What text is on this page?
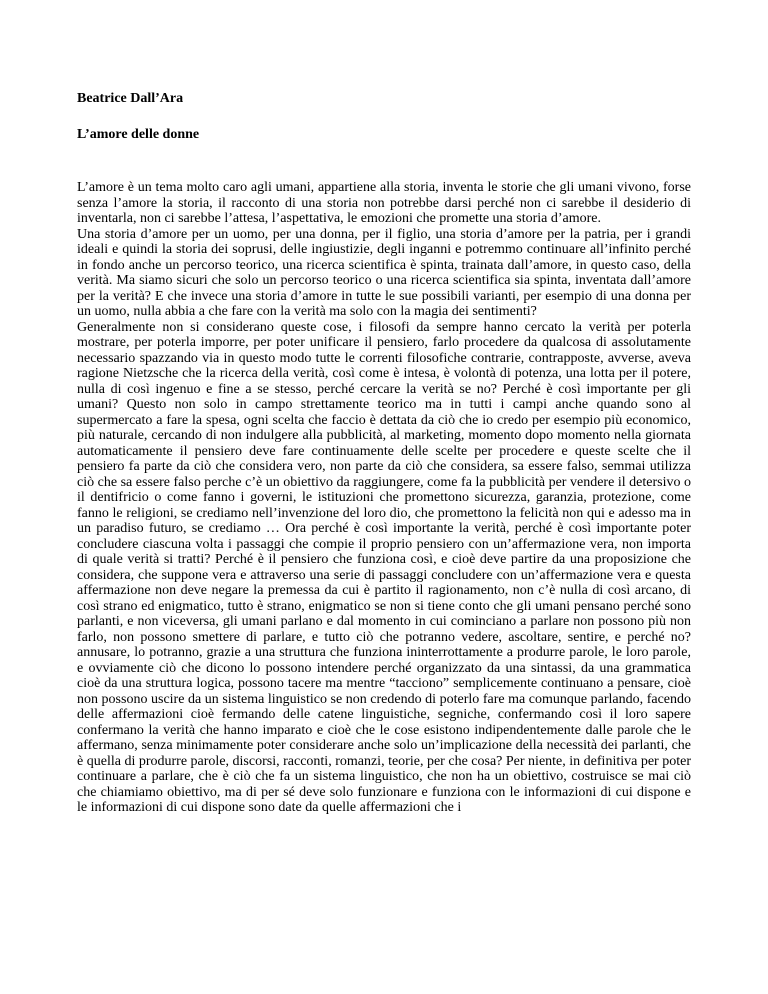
Beatrice Dall’Ara

L’amore delle donne

L’amore è un tema molto caro agli umani, appartiene alla storia, inventa le storie che gli umani vivono, forse senza l’amore la storia, il racconto di una storia non potrebbe darsi perché non ci sarebbe il desiderio di inventarla, non ci sarebbe l’attesa, l’aspettativa, le emozioni che promette una storia d’amore.

Una storia d’amore per un uomo, per una donna, per il figlio, una storia d’amore per la patria, per i grandi ideali e quindi la storia dei soprusi, delle ingiustizie, degli inganni e potremmo continuare all’infinito perché in fondo anche un percorso teorico, una ricerca scientifica è spinta, trainata dall’amore, in questo caso, della verità. Ma siamo sicuri che solo un percorso teorico o una ricerca scientifica sia spinta, inventata dall’amore per la verità? E che invece una storia d’amore in tutte le sue possibili varianti, per esempio di una donna per un uomo, nulla abbia a che fare con la verità ma solo con la magia dei sentimenti?

Generalmente non si considerano queste cose, i filosofi da sempre hanno cercato la verità per poterla mostrare, per poterla imporre, per poter unificare il pensiero, farlo procedere da qualcosa di assolutamente necessario spazzando via in questo modo tutte le correnti filosofiche contrarie, contrapposte, avverse, aveva ragione Nietzsche che la ricerca della verità, così come è intesa, è volontà di potenza, una lotta per il potere, nulla di così ingenuo e fine a se stesso, perché cercare la verità se no? Perché è così importante per gli umani? Questo non solo in campo strettamente teorico ma in tutti i campi anche quando sono al supermercato a fare la spesa, ogni scelta che faccio è dettata da ciò che io credo per esempio più economico, più naturale, cercando di non indulgere alla pubblicità, al marketing, momento dopo momento nella giornata automaticamente il pensiero deve fare continuamente delle scelte per procedere e queste scelte che il pensiero fa parte da ciò che considera vero, non parte da ciò che considera, sa essere falso, semmai utilizza ciò che sa essere falso perche c’è un obiettivo da raggiungere, come fa la pubblicità per vendere il detersivo o il dentifricio o come fanno i governi, le istituzioni che promettono sicurezza, garanzia, protezione, come fanno le religioni, se crediamo nell’invenzione del loro dio, che promettono la felicità non qui e adesso ma in un paradiso futuro, se crediamo … Ora perché è così importante la verità, perché è così importante poter concludere ciascuna volta i passaggi che compie il proprio pensiero con un’affermazione vera, non importa di quale verità si tratti? Perché è il pensiero che funziona così, e cioè deve partire da una proposizione che considera, che suppone vera e attraverso una serie di passaggi concludere con un’affermazione vera e questa affermazione non deve negare la premessa da cui è partito il ragionamento, non c’è nulla di così arcano, di così strano ed enigmatico, tutto è strano, enigmatico se non si tiene conto che gli umani pensano perché sono parlanti, e non viceversa, gli umani parlano e dal momento in cui cominciano a parlare non possono più non farlo, non possono smettere di parlare, e tutto ciò che potranno vedere, ascoltare, sentire, e perché no? annusare, lo potranno, grazie a una struttura che funziona ininterrottamente a produrre parole, le loro parole, e ovviamente ciò che dicono lo possono intendere perché organizzato da una sintassi, da una grammatica cioè da una struttura logica, possono tacere ma mentre “tacciono” semplicemente continuano a pensare, cioè non possono uscire da un sistema linguistico se non credendo di poterlo fare ma comunque parlando, facendo delle affermazioni cioè fermando delle catene linguistiche, segniche, confermando così il loro sapere confermano la verità che hanno imparato e cioè che le cose esistono indipendentemente dalle parole che le affermano, senza minimamente poter considerare anche solo un’implicazione della necessità dei parlanti, che è quella di produrre parole, discorsi, racconti, romanzi, teorie, per che cosa? Per niente, in definitiva per poter continuare a parlare, che è ciò che fa un sistema linguistico, che non ha un obiettivo, costruisce se mai ciò che chiamiamo obiettivo, ma di per sé deve solo funzionare e funziona con le informazioni di cui dispone e le informazioni di cui dispone sono date da quelle affermazioni che i
